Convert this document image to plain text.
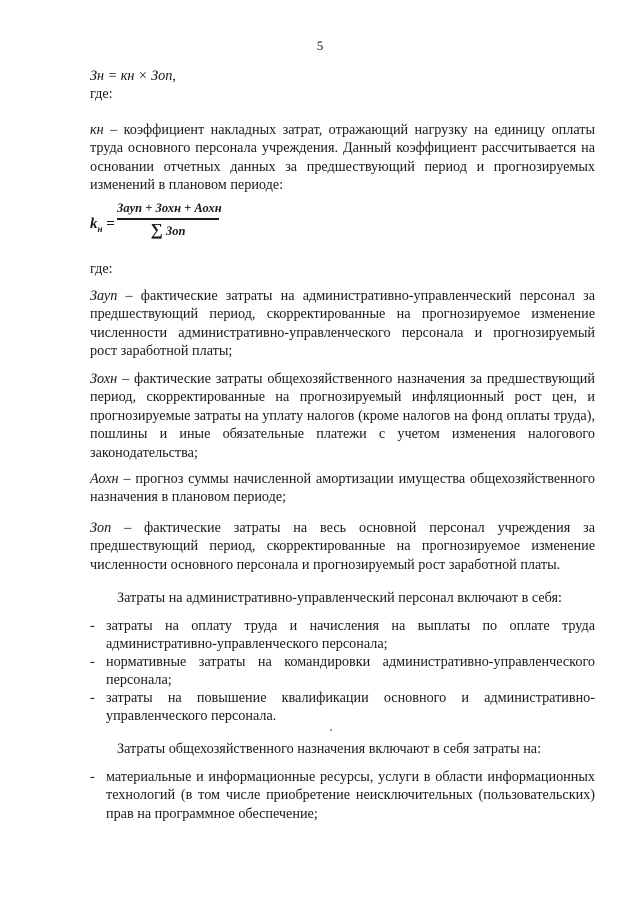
5
Зн = кн × Зоп,
где:
кн – коэффициент накладных затрат, отражающий нагрузку на единицу оплаты труда основного персонала учреждения. Данный коэффициент рассчитывается на основании отчетных данных за предшествующий период и прогнозируемых изменений в плановом периоде:
$k_н$ =
Заyп + Зохн + Аохн
∑ Зоп
где:
Зауп – фактические затраты на административно-управленческий персонал за предшествующий период, скорректированные на прогнозируемое изменение численности административно-управленческого персонала и прогнозируемый рост заработной платы;
Зохн – фактические затраты общехозяйственного назначения за предшествующий период, скорректированные на прогнозируемый инфляционный рост цен, и прогнозируемые затраты на уплату налогов (кроме налогов на фонд оплаты труда), пошлины и иные обязательные платежи с учетом изменения налогового законодательства;
Аохн – прогноз суммы начисленной амортизации имущества общехозяйственного назначения в плановом периоде;
Зоп – фактические затраты на весь основной персонал учреждения за предшествующий период, скорректированные на прогнозируемое изменение численности основного персонала и прогнозируемый рост заработной платы.
Затраты на административно-управленческий персонал включают в себя:
- затраты на оплату труда и начисления на выплаты по оплате труда административно-управленческого персонала;
- нормативные затраты на командировки административно-управленческого персонала;
- затраты на повышение квалификации основного и административно-управленческого персонала.
Затраты общехозяйственного назначения включают в себя затраты на:
- материальные и информационные ресурсы, услуги в области информационных технологий (в том числе приобретение неисключительных (пользовательских) прав на программное обеспечение;
